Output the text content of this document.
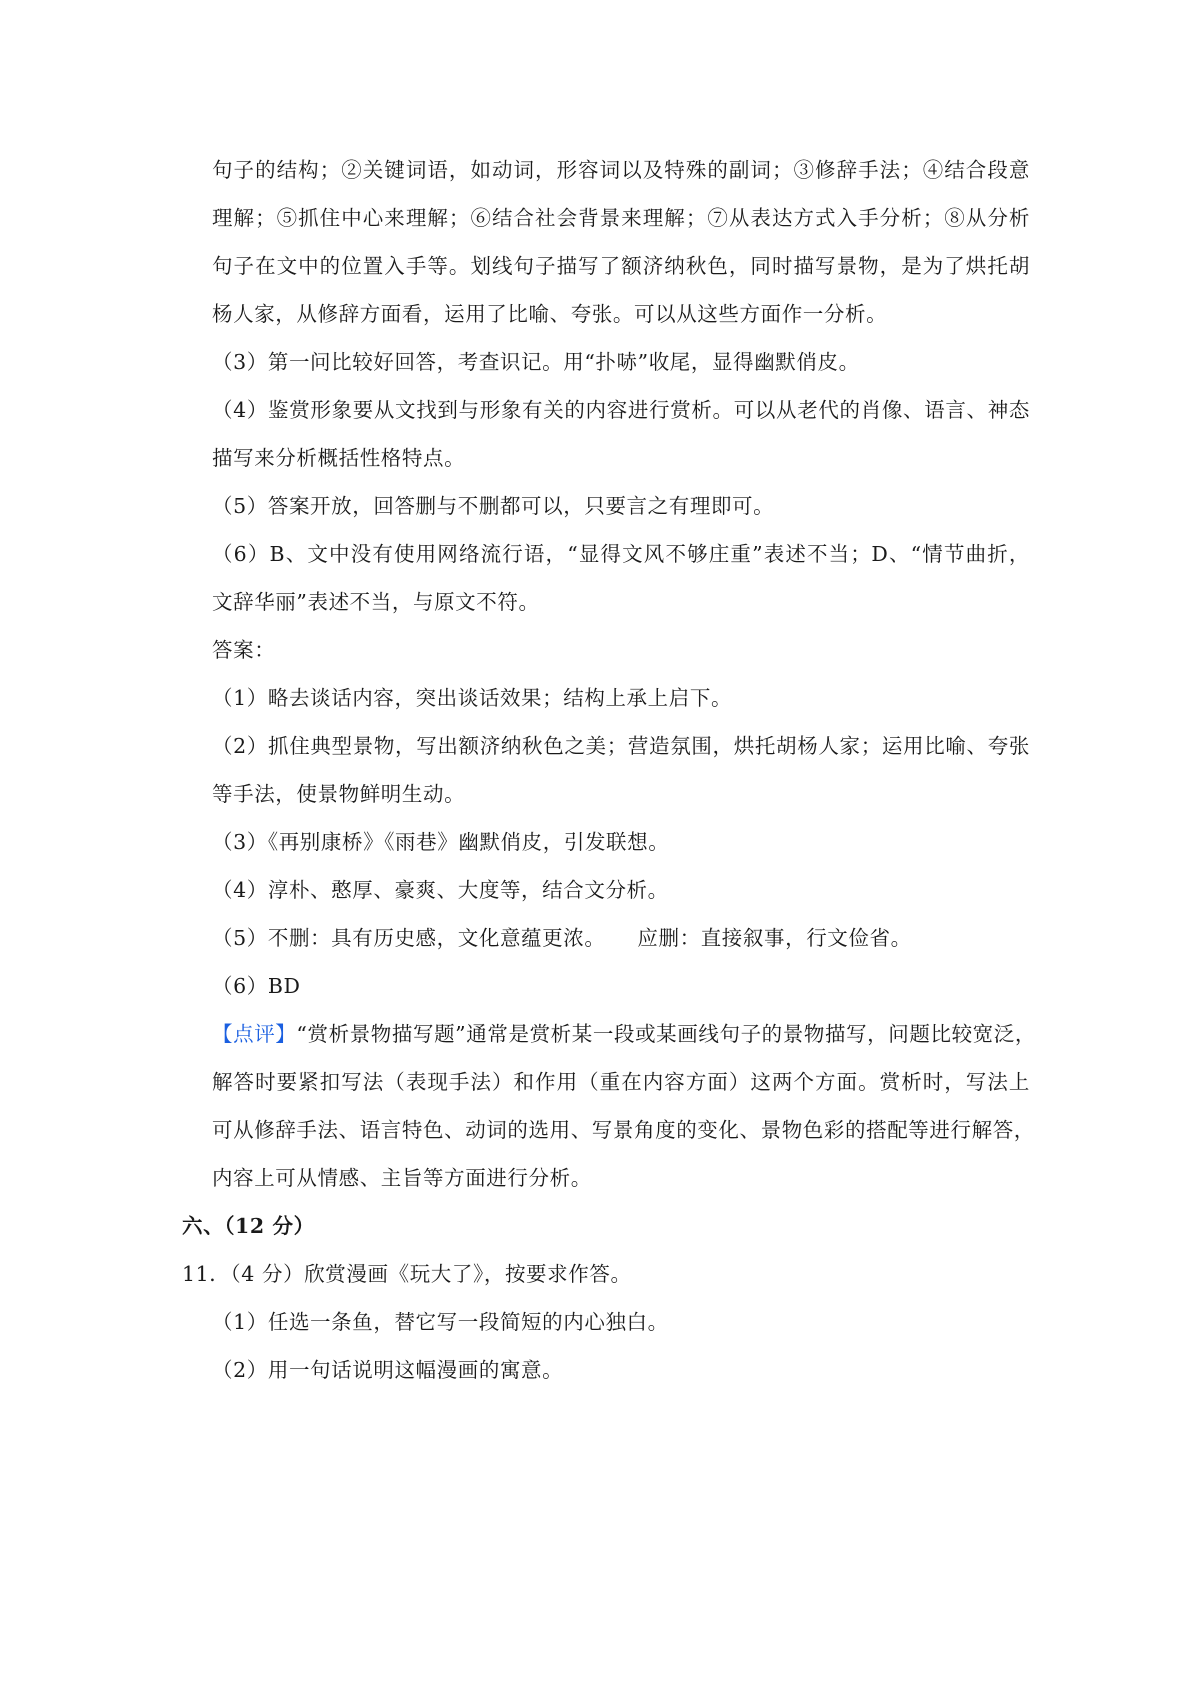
句子的结构；②关键词语，如动词，形容词以及特殊的副词；③修辞手法；④结合段意
理解；⑤抓住中心来理解；⑥结合社会背景来理解；⑦从表达方式入手分析；⑧从分析
句子在文中的位置入手等。划线句子描写了额济纳秋色，同时描写景物，是为了烘托胡
杨人家，从修辞方面看，运用了比喻、夸张。可以从这些方面作一分析。
（3）第一问比较好回答，考查识记。用“扑哧”收尾，显得幽默俏皮。
（4）鉴赏形象要从文找到与形象有关的内容进行赏析。可以从老代的肖像、语言、神态
描写来分析概括性格特点。
（5）答案开放，回答删与不删都可以，只要言之有理即可。
（6）B、文中没有使用网络流行语，“显得文风不够庄重”表述不当；D、“情节曲折，
文辞华丽”表述不当，与原文不符。
答案：
（1）略去谈话内容，突出谈话效果；结构上承上启下。
（2）抓住典型景物，写出额济纳秋色之美；营造氛围，烘托胡杨人家；运用比喻、夸张
等手法，使景物鲜明生动。
（3）《再别康桥》《雨巷》幽默俏皮，引发联想。
（4）淳朴、憨厚、豪爽、大度等，结合文分析。
（5）不删：具有历史感，文化意蕴更浓。　　应删：直接叙事，行文俭省。
（6）BD
【点评】“赏析景物描写题”通常是赏析某一段或某画线句子的景物描写，问题比较宽泛，
解答时要紧扣写法（表现手法）和作用（重在内容方面）这两个方面。赏析时，写法上
可从修辞手法、语言特色、动词的选用、写景角度的变化、景物色彩的搭配等进行解答，
内容上可从情感、主旨等方面进行分析。
六、（12 分）
11．（4 分）欣赏漫画《玩大了》，按要求作答。
（1）任选一条鱼，替它写一段简短的内心独白。
（2）用一句话说明这幅漫画的寓意。
